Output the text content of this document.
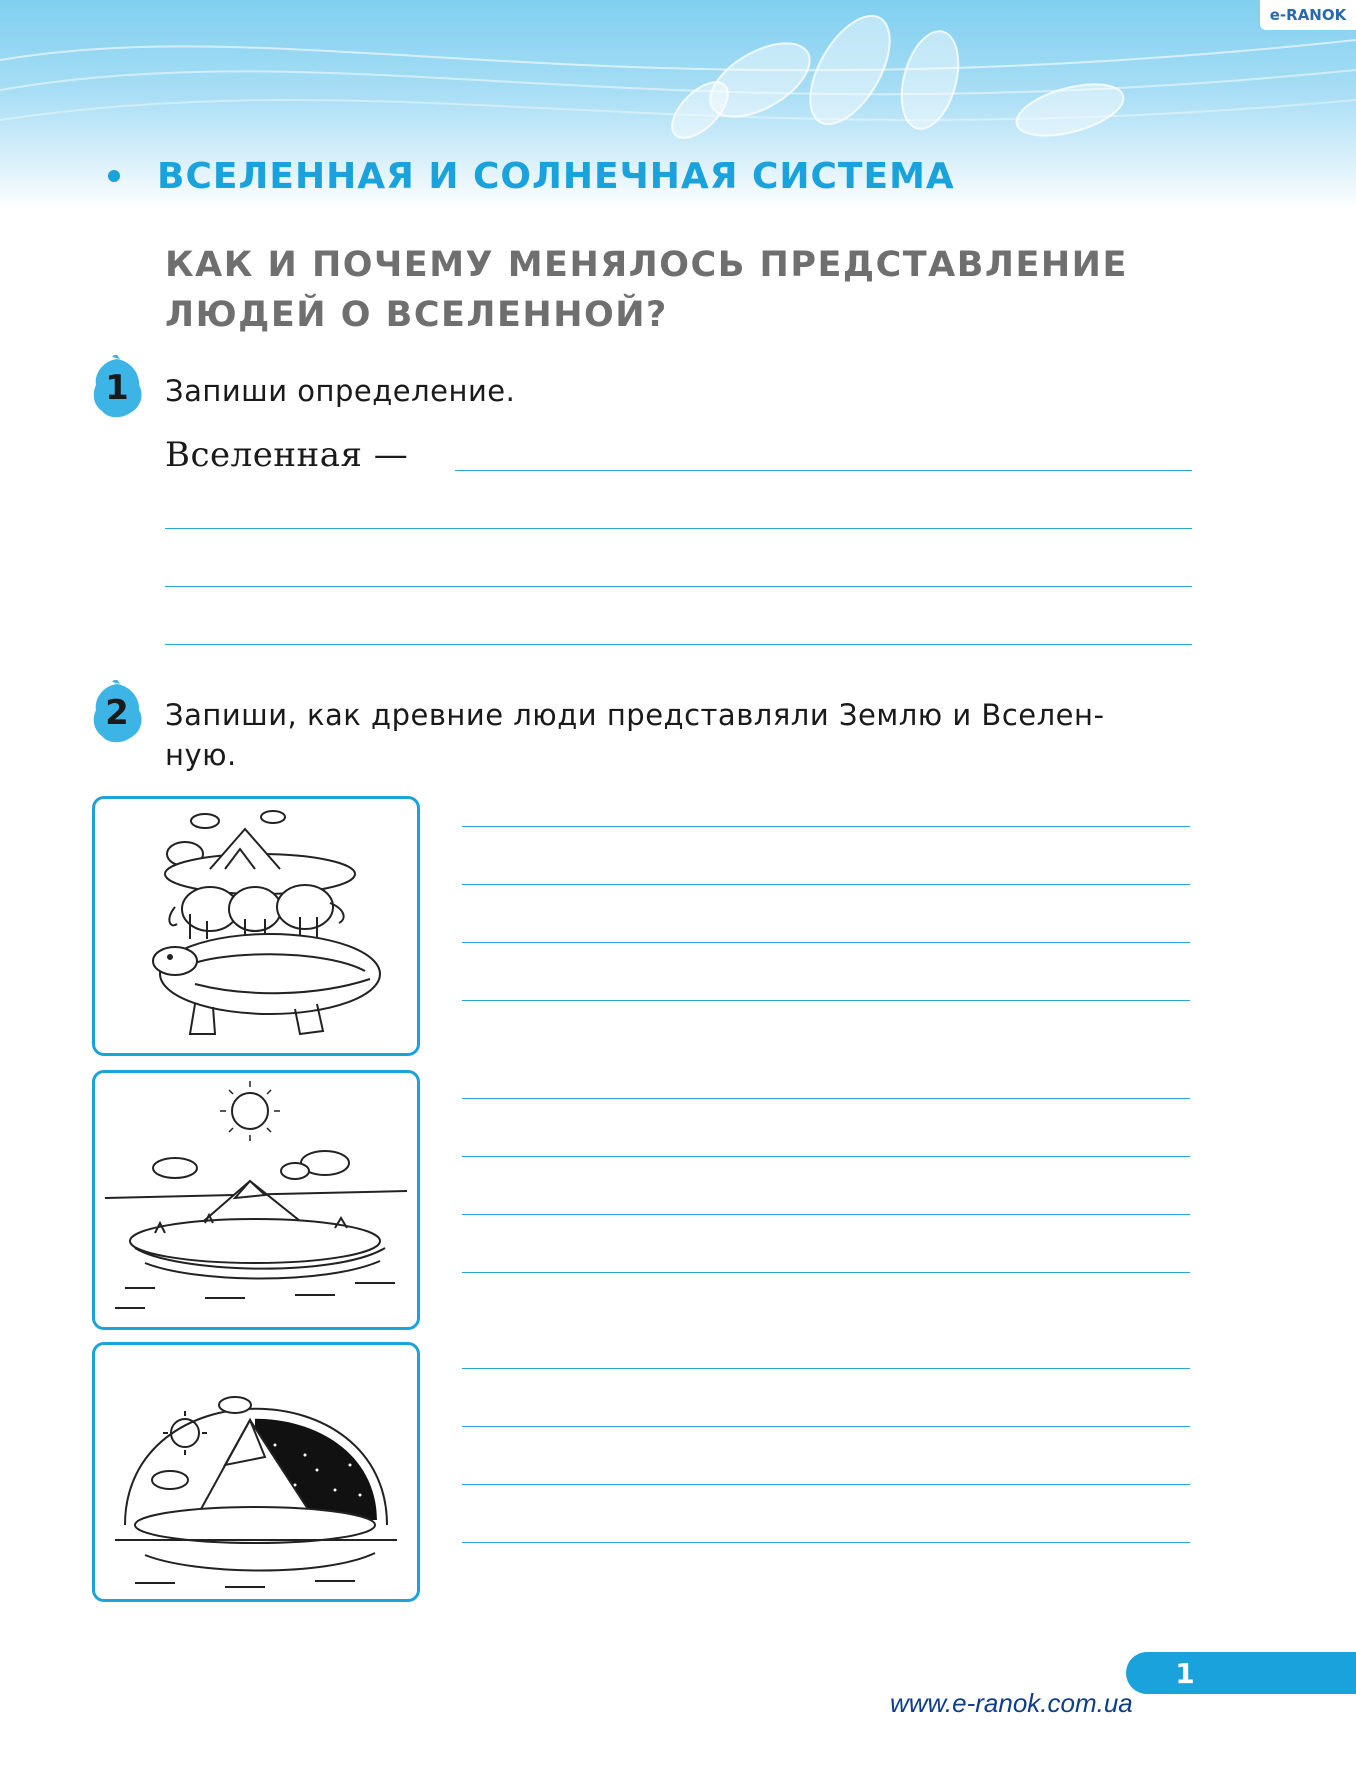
e-RANOK
ВСЕЛЕННАЯ И СОЛНЕЧНАЯ СИСТЕМА
КАК И ПОЧЕМУ МЕНЯЛОСЬ ПРЕДСТАВЛЕНИЕ
ЛЮДЕЙ О ВСЕЛЕННОЙ?
1	Запиши определение.
Вселенная —
2	Запиши, как древние люди представляли Землю и Вселен-
ную.
1
www.e-ranok.com.ua
